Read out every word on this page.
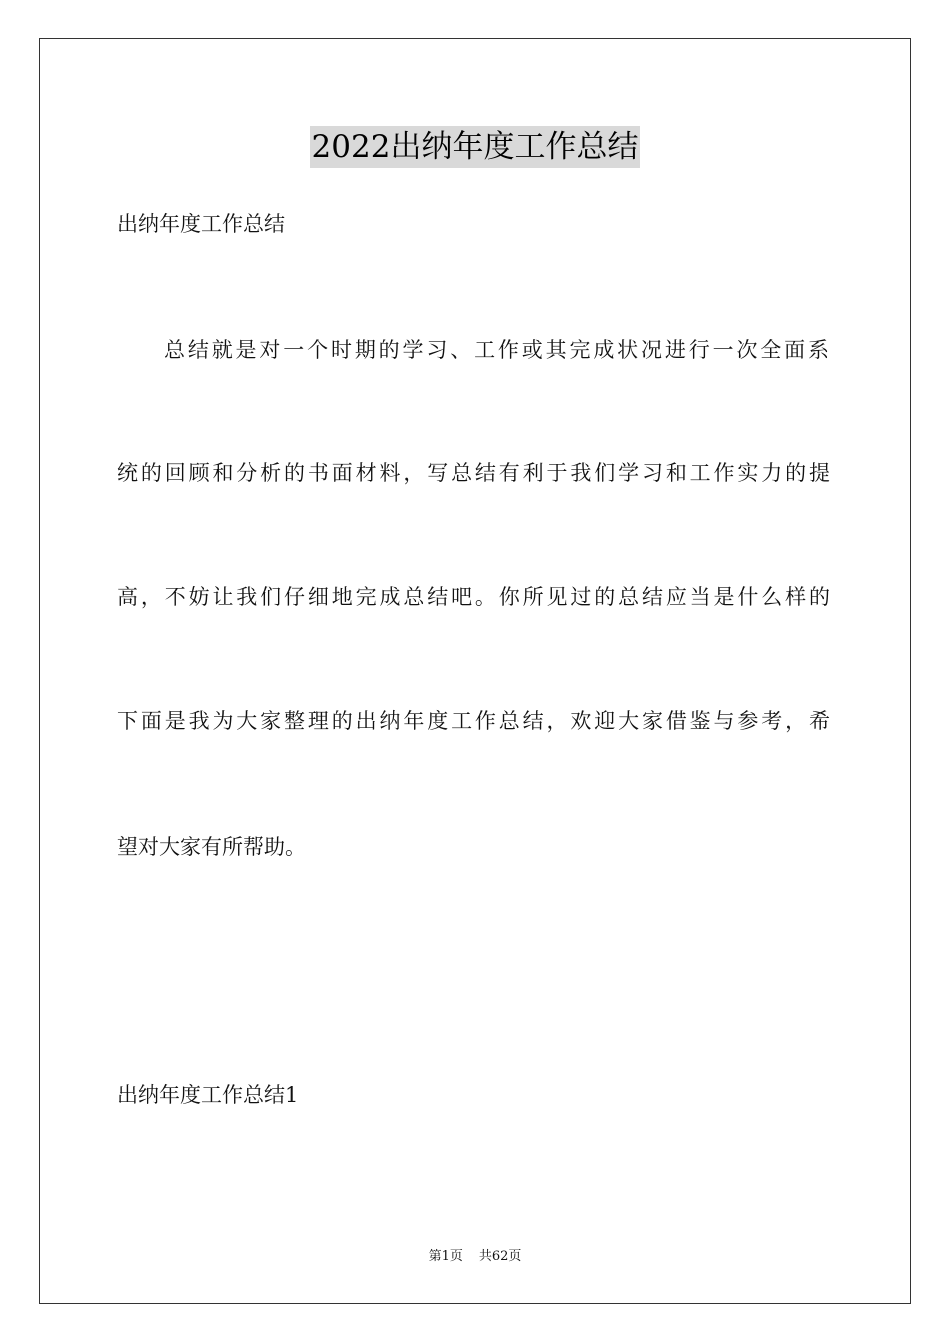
2022出纳年度工作总结
出纳年度工作总结
总结就是对一个时期的学习、工作或其完成状况进行一次全面系
统的回顾和分析的书面材料，写总结有利于我们学习和工作实力的提
高，不妨让我们仔细地完成总结吧。你所见过的总结应当是什么样的
下面是我为大家整理的出纳年度工作总结，欢迎大家借鉴与参考，希
望对大家有所帮助。
出纳年度工作总结1
第1页 共62页
